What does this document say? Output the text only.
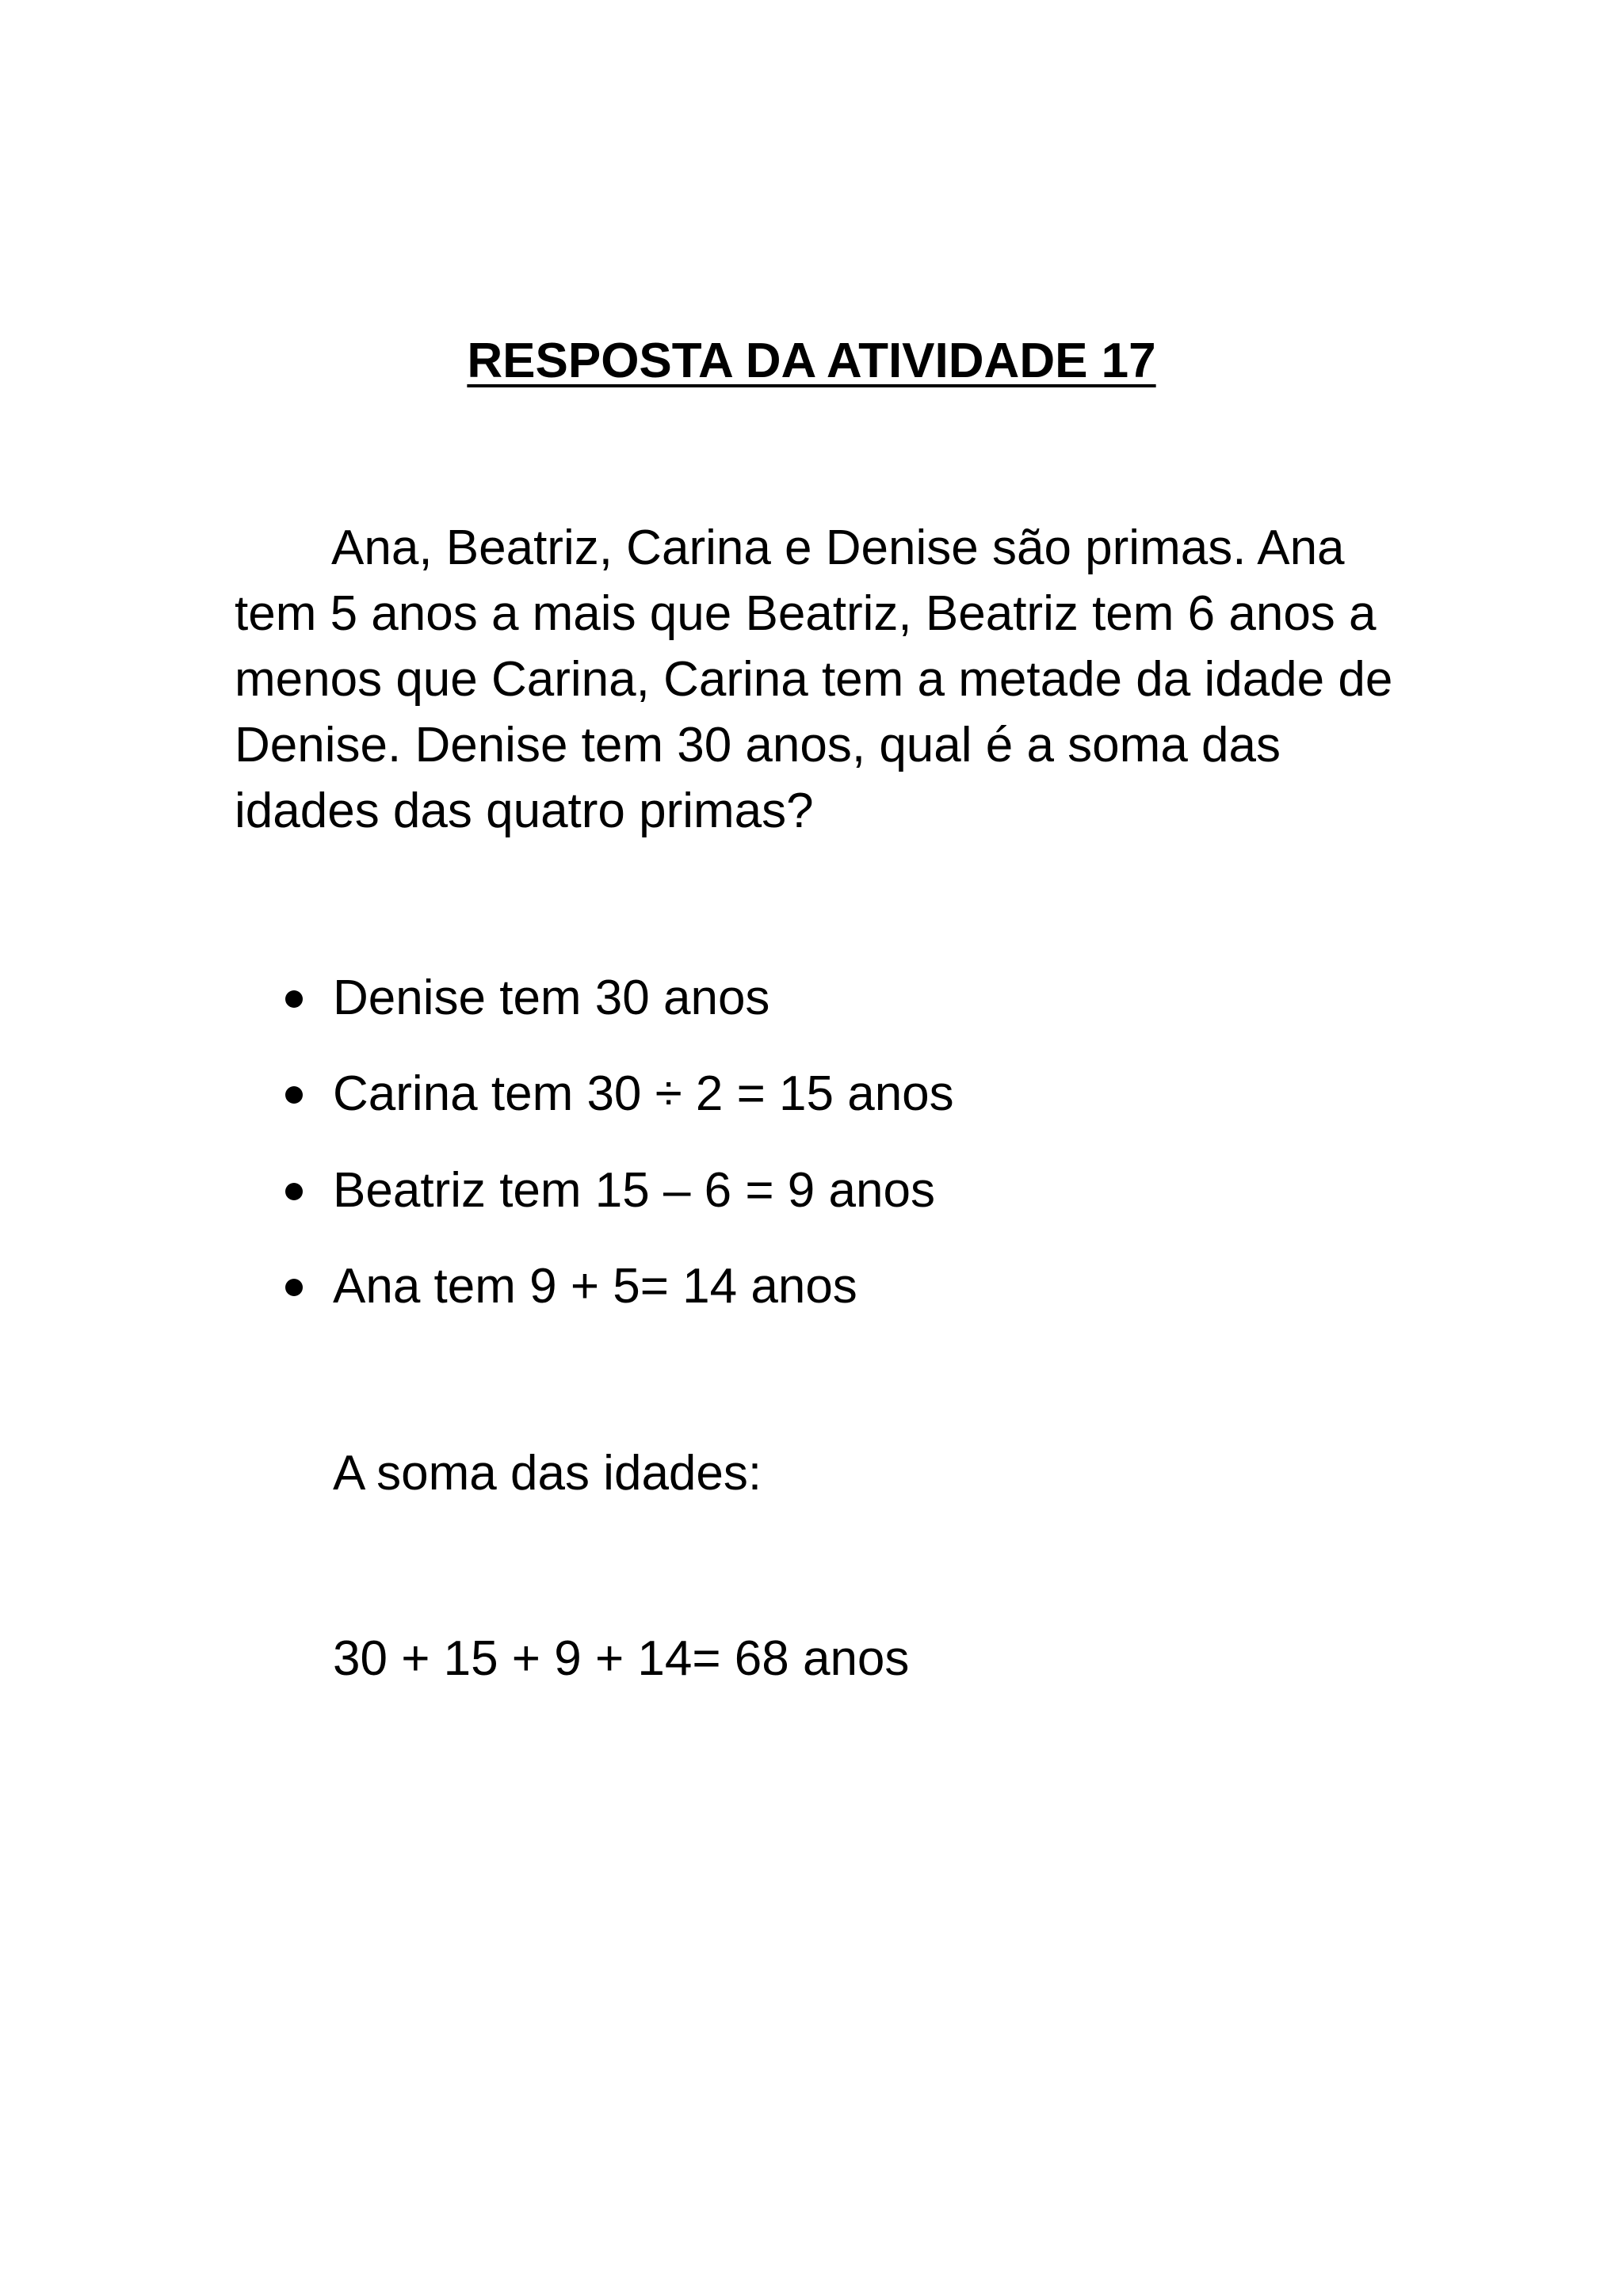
RESPOSTA DA ATIVIDADE 17
Ana, Beatriz, Carina e Denise são primas. Ana
tem 5 anos a mais que Beatriz, Beatriz tem 6 anos a
menos que Carina, Carina tem a metade da idade de
Denise. Denise tem 30 anos, qual é a soma das
idades das quatro primas?
Denise tem 30 anos
Carina tem 30 ÷ 2 = 15 anos
Beatriz tem 15 – 6 = 9 anos
Ana tem 9 + 5= 14 anos

A soma das idades:

30 + 15 + 9 + 14= 68 anos
